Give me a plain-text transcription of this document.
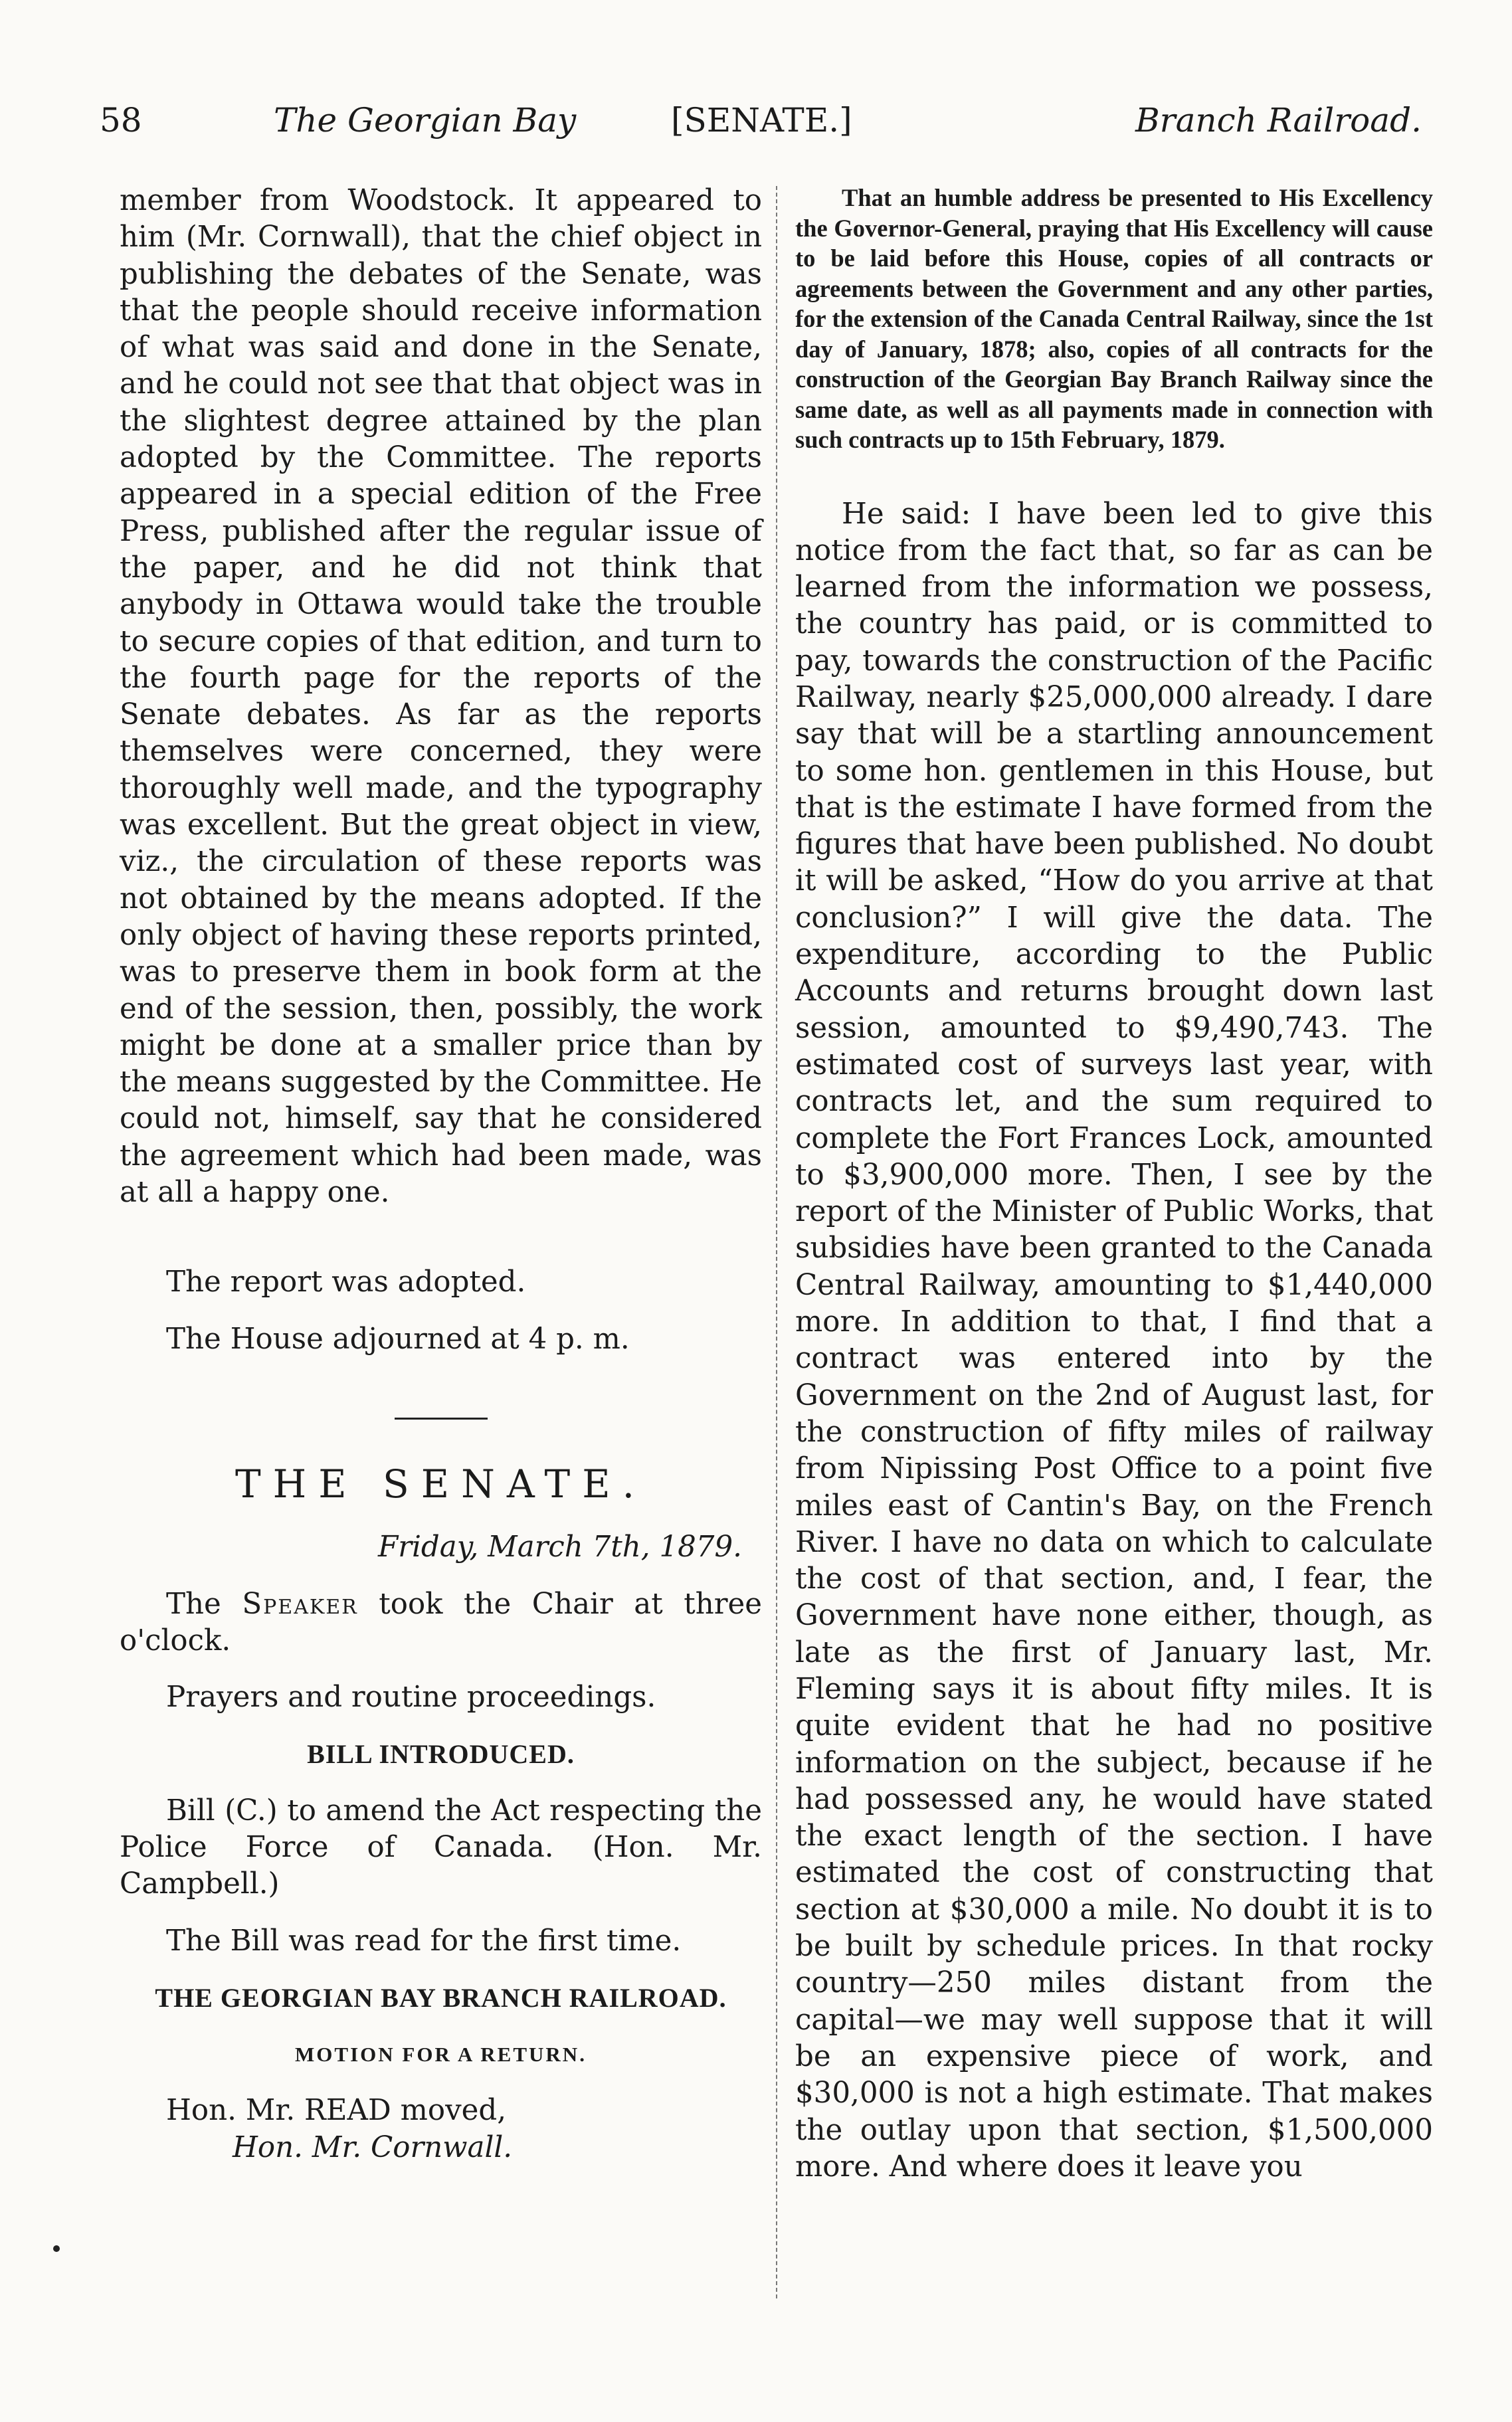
58	The Georgian Bay	[SENATE.]	Branch Railroad.

member from Woodstock. It appeared to him (Mr. Cornwall), that the chief object in publishing the debates of the Senate, was that the people should receive information of what was said and done in the Senate, and he could not see that that object was in the slightest degree attained by the plan adopted by the Committee. The reports appeared in a special edition of the Free Press, published after the regular issue of the paper, and he did not think that anybody in Ottawa would take the trouble to secure copies of that edition, and turn to the fourth page for the reports of the Senate debates. As far as the reports themselves were concerned, they were thoroughly well made, and the typography was excellent. But the great object in view, viz., the circulation of these reports was not obtained by the means adopted. If the only object of having these reports printed, was to preserve them in book form at the end of the session, then, possibly, the work might be done at a smaller price than by the means suggested by the Committee. He could not, himself, say that he considered the agreement which had been made, was at all a happy one.

The report was adopted.

The House adjourned at 4 p. m.

THE SENATE.

Friday, March 7th, 1879.

The Speaker took the Chair at three o'clock.

Prayers and routine proceedings.

BILL INTRODUCED.

Bill (C.) to amend the Act respecting the Police Force of Canada. (Hon. Mr. Campbell.)

The Bill was read for the first time.

THE GEORGIAN BAY BRANCH RAILROAD.

MOTION FOR A RETURN.

Hon. Mr. READ moved,

Hon. Mr. Cornwall.

That an humble address be presented to His Excellency the Governor-General, praying that His Excellency will cause to be laid before this House, copies of all contracts or agreements between the Government and any other parties, for the extension of the Canada Central Railway, since the 1st day of January, 1878; also, copies of all contracts for the construction of the Georgian Bay Branch Railway since the same date, as well as all payments made in connection with such contracts up to 15th February, 1879.

He said: I have been led to give this notice from the fact that, so far as can be learned from the information we possess, the country has paid, or is committed to pay, towards the construction of the Pacific Railway, nearly $25,000,000 already. I dare say that will be a startling announcement to some hon. gentlemen in this House, but that is the estimate I have formed from the figures that have been published. No doubt it will be asked, “How do you arrive at that conclusion?” I will give the data. The expenditure, according to the Public Accounts and returns brought down last session, amounted to $9,490,743. The estimated cost of surveys last year, with contracts let, and the sum required to complete the Fort Frances Lock, amounted to $3,900,000 more. Then, I see by the report of the Minister of Public Works, that subsidies have been granted to the Canada Central Railway, amounting to $1,440,000 more. In addition to that, I find that a contract was entered into by the Government on the 2nd of August last, for the construction of fifty miles of railway from Nipissing Post Office to a point five miles east of Cantin's Bay, on the French River. I have no data on which to calculate the cost of that section, and, I fear, the Government have none either, though, as late as the first of January last, Mr. Fleming says it is about fifty miles. It is quite evident that he had no positive information on the subject, because if he had possessed any, he would have stated the exact length of the section. I have estimated the cost of constructing that section at $30,000 a mile. No doubt it is to be built by schedule prices. In that rocky country—250 miles distant from the capital—we may well suppose that it will be an expensive piece of work, and $30,000 is not a high estimate. That makes the outlay upon that section, $1,500,000 more. And where does it leave you
